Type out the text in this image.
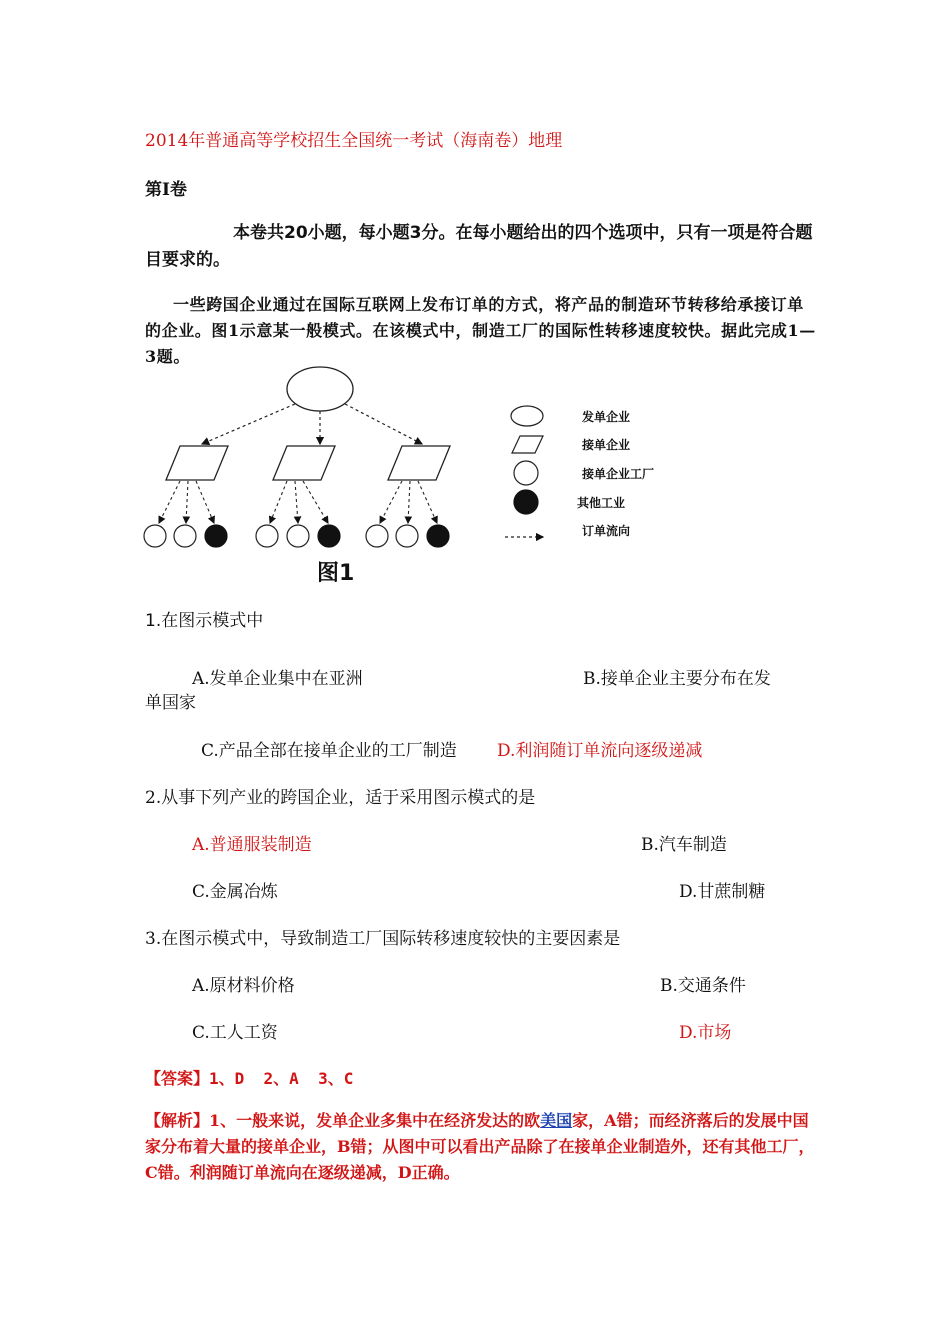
2014年普通高等学校招生全国统一考试（海南卷）地理
第Ⅰ卷
本卷共20小题，每小题3分。在每小题给出的四个选项中，只有一项是符合题目要求的。
一些跨国企业通过在国际互联网上发布订单的方式，将产品的制造环节转移给承接订单的企业。图1示意某一般模式。在该模式中，制造工厂的国际性转移速度较快。据此完成1—3题。
图1
发单企业
接单企业
接单企业工厂
其他工业
订单流向
1.在图示模式中
A.发单企业集中在亚洲	B.接单企业主要分布在发
单国家
C.产品全部在接单企业的工厂制造 D.利润随订单流向逐级递减
2.从事下列产业的跨国企业，适于采用图示模式的是
A.普通服装制造	B.汽车制造
C.金属冶炼	D.甘蔗制糖
3.在图示模式中，导致制造工厂国际转移速度较快的主要因素是
A.原材料价格	B.交通条件
C.工人工资	D.市场
【答案】1、D  2、A  3、C
【解析】1、一般来说，发单企业多集中在经济发达的欧美国家，A错；而经济落后的发展中国家分布着大量的接单企业，B错；从图中可以看出产品除了在接单企业制造外，还有其他工厂，C错。利润随订单流向在逐级递减，D正确。
